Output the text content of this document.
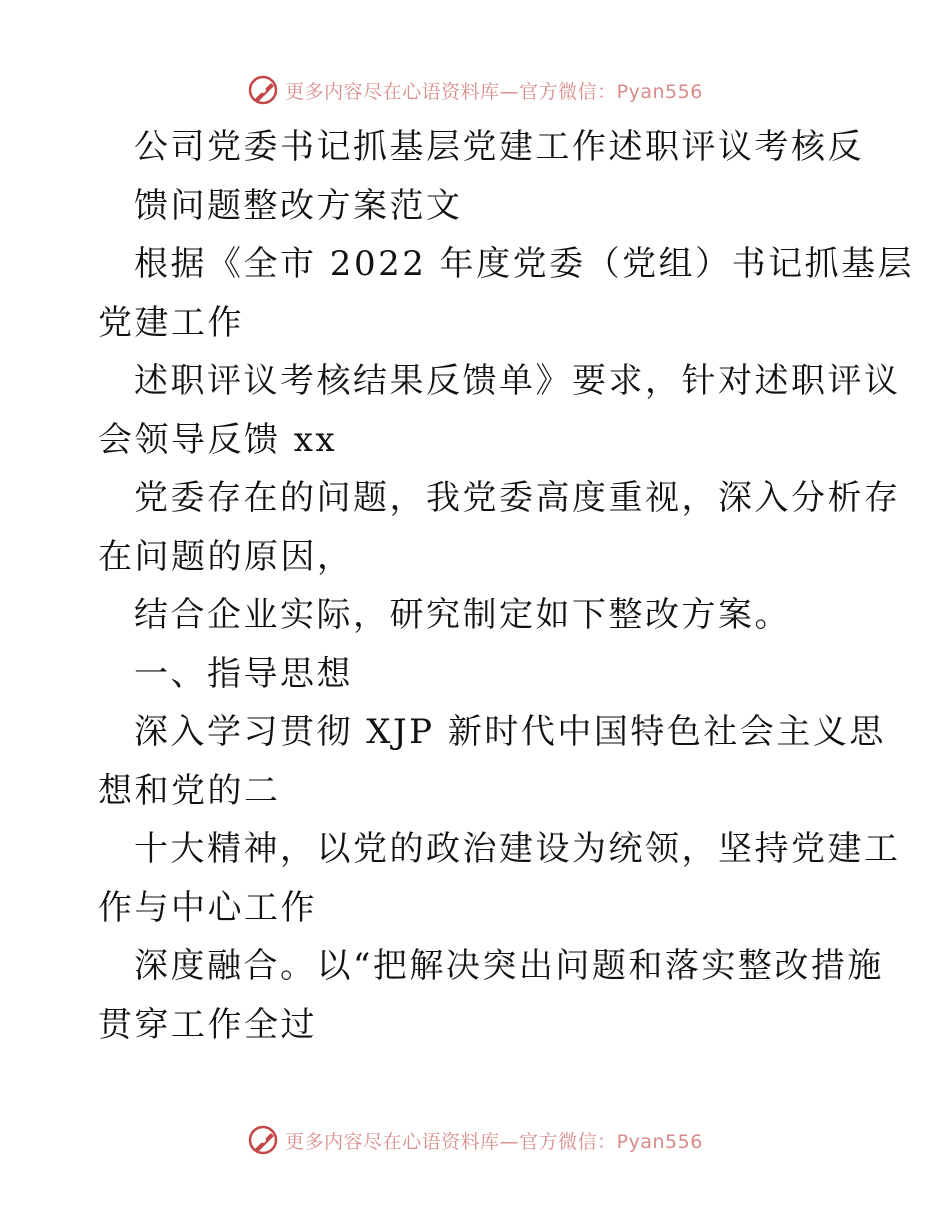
更多内容尽在心语资料库—官方微信：Pyan556
公司党委书记抓基层党建工作述职评议考核反
馈问题整改方案范文
根据《全市 2022 年度党委（党组）书记抓基层
党建工作
述职评议考核结果反馈单》要求，针对述职评议
会领导反馈 xx
党委存在的问题，我党委高度重视，深入分析存
在问题的原因，
结合企业实际，研究制定如下整改方案。
一、指导思想
深入学习贯彻 XJP 新时代中国特色社会主义思
想和党的二
十大精神，以党的政治建设为统领，坚持党建工
作与中心工作
深度融合。以“把解决突出问题和落实整改措施
贯穿工作全过
更多内容尽在心语资料库—官方微信：Pyan556
